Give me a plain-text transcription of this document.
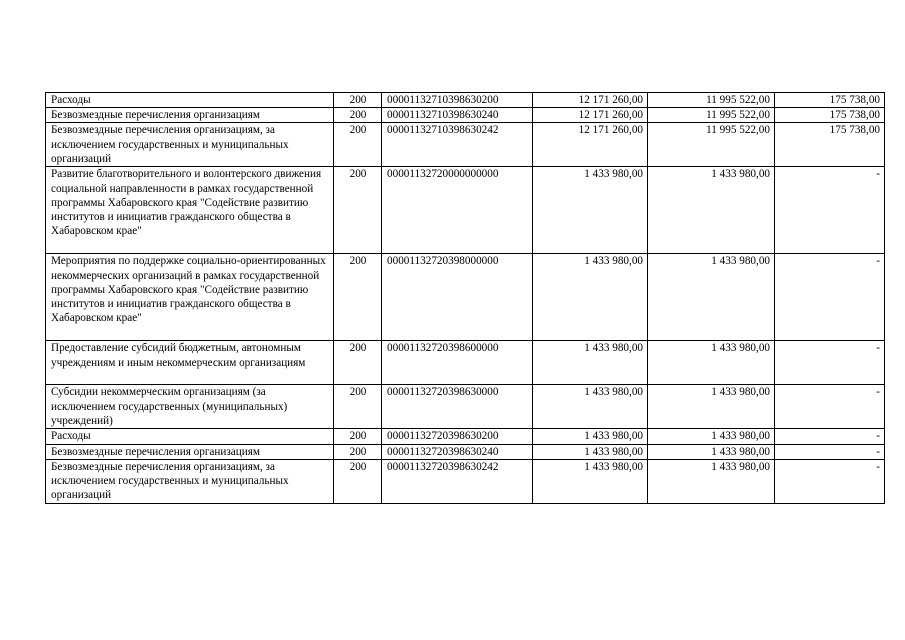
Расходы	200	00001132710398630200	12 171 260,00	11 995 522,00	175 738,00
Безвозмездные перечисления организациям	200	00001132710398630240	12 171 260,00	11 995 522,00	175 738,00
Безвозмездные перечисления организациям, за исключением государственных и муниципальных организаций	200	00001132710398630242	12 171 260,00	11 995 522,00	175 738,00
Развитие благотворительного и волонтерского движения социальной направленности в рамках государственной программы Хабаровского края "Содействие развитию институтов и инициатив гражданского общества в Хабаровском крае"	200	00001132720000000000	1 433 980,00	1 433 980,00	-
Мероприятия по поддержке социально-ориентированных некоммерческих организаций в рамках государственной программы Хабаровского края "Содействие развитию институтов и инициатив гражданского общества в Хабаровском крае"	200	00001132720398000000	1 433 980,00	1 433 980,00	-
Предоставление субсидий бюджетным, автономным учреждениям и иным некоммерческим организациям	200	00001132720398600000	1 433 980,00	1 433 980,00	-
Субсидии некоммерческим организациям (за исключением государственных (муниципальных) учреждений)	200	00001132720398630000	1 433 980,00	1 433 980,00	-
Расходы	200	00001132720398630200	1 433 980,00	1 433 980,00	-
Безвозмездные перечисления организациям	200	00001132720398630240	1 433 980,00	1 433 980,00	-
Безвозмездные перечисления организациям, за исключением государственных и муниципальных организаций	200	00001132720398630242	1 433 980,00	1 433 980,00	-
